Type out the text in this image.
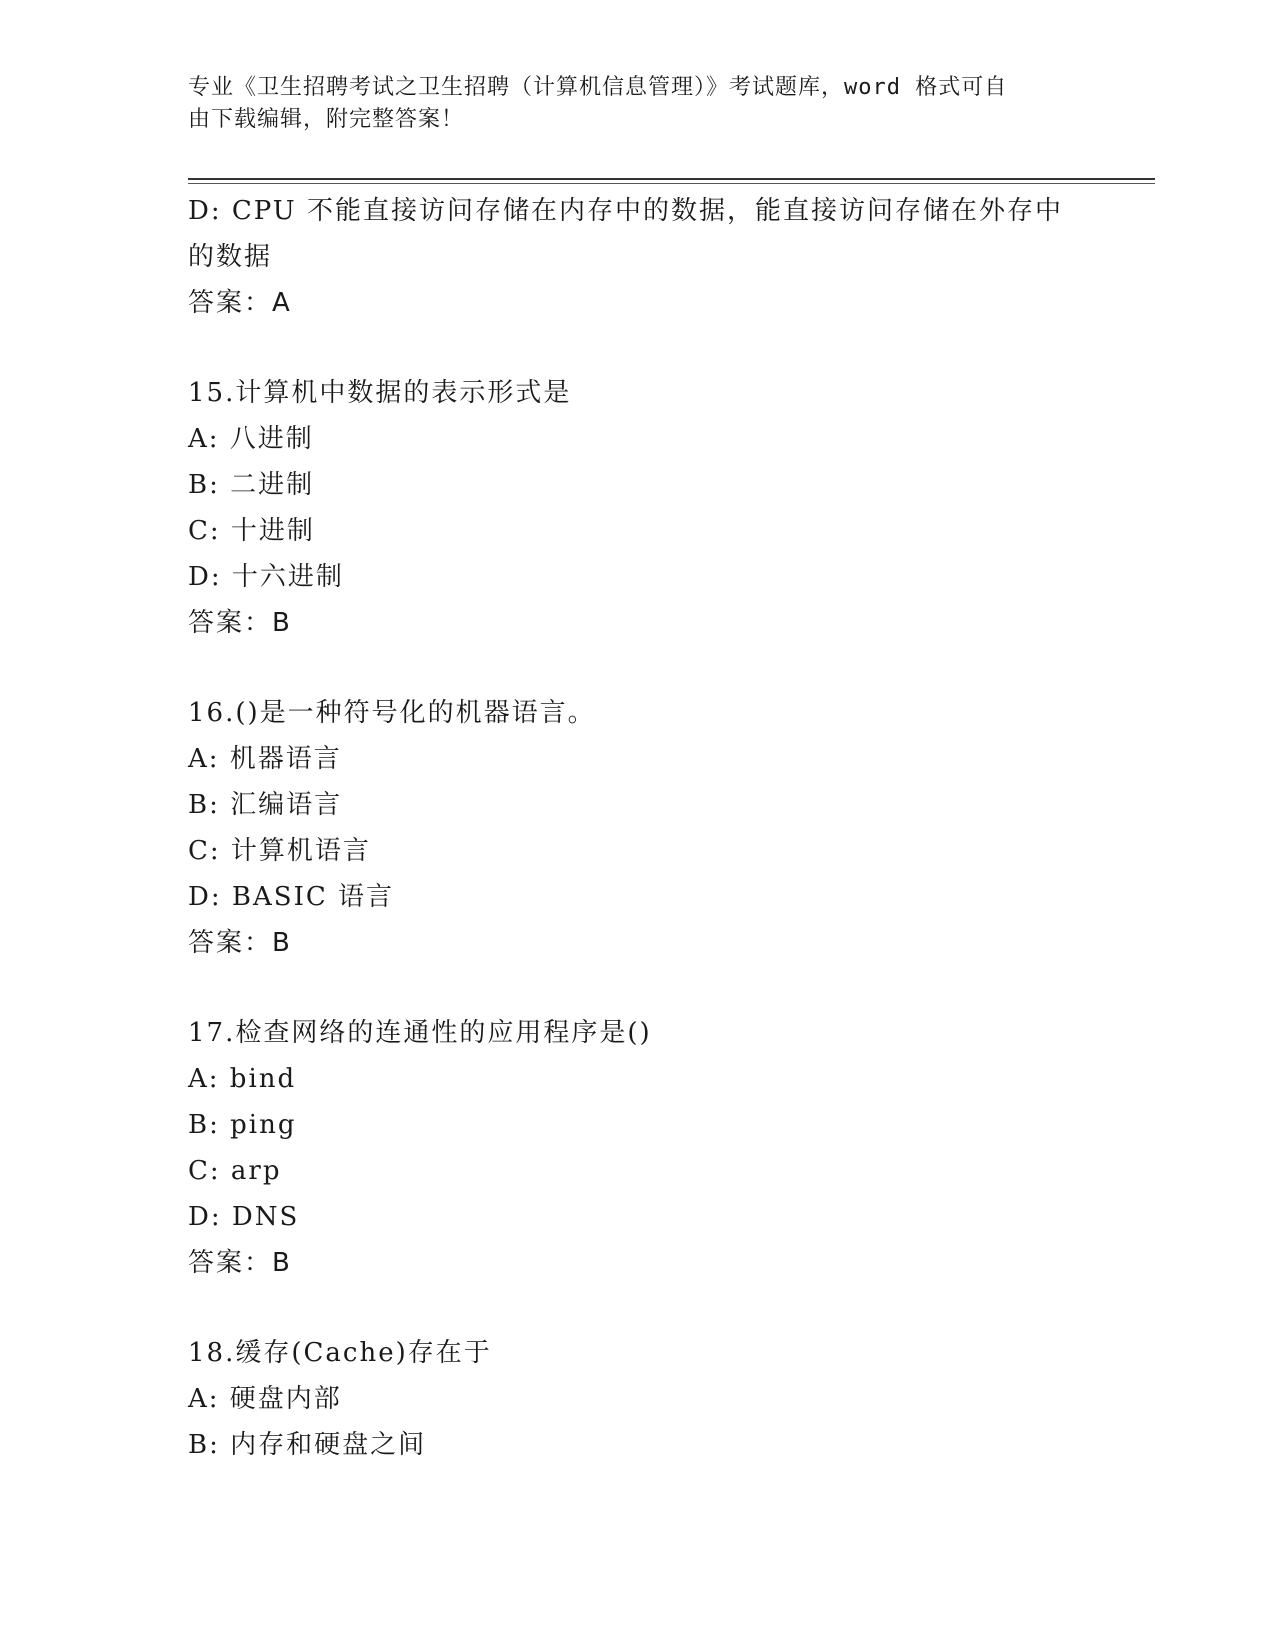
专业《卫生招聘考试之卫生招聘（计算机信息管理）》考试题库，word 格式可自
由下载编辑，附完整答案！
D: CPU 不能直接访问存储在内存中的数据，能直接访问存储在外存中
的数据
答案：A
15.计算机中数据的表示形式是
A: 八进制
B: 二进制
C: 十进制
D: 十六进制
答案：B
16.()是一种符号化的机器语言。
A: 机器语言
B: 汇编语言
C: 计算机语言
D: BASIC 语言
答案：B
17.检查网络的连通性的应用程序是()
A: bind
B: ping
C: arp
D: DNS
答案：B
18.缓存(Cache)存在于
A: 硬盘内部
B: 内存和硬盘之间
